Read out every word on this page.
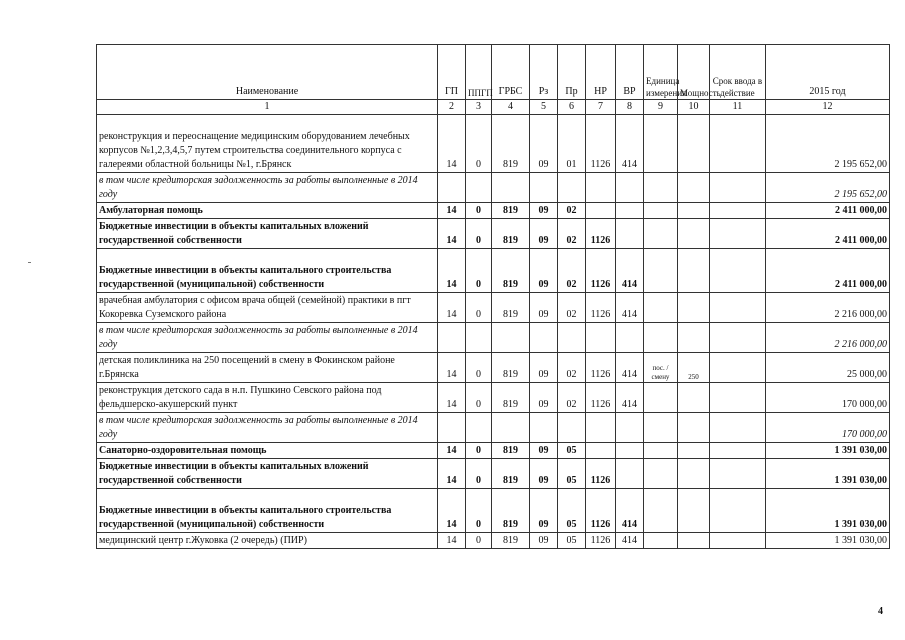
Наименование	ГП	ППГП	ГРБС	Рз	Пр	НР	ВР	Единица измерения	Мощность	Срок ввода в действие	2015 год
1	2	3	4	5	6	7	8	9	10	11	12
реконструкция и переоснащение медицинским оборудованием лечебных корпусов №1,2,3,4,5,7 путем строительства соединительного корпуса с галереями областной больницы №1, г.Брянск	14	0	819	09	01	1126	414				2 195 652,00
в том числе кредиторская задолженность за работы выполненные в 2014 году											2 195 652,00
Амбулаторная помощь	14	0	819	09	02						2 411 000,00
Бюджетные инвестиции в объекты капитальных вложений государственной собственности	14	0	819	09	02	1126					2 411 000,00
Бюджетные инвестиции в объекты капитального строительства государственной (муниципальной) собственности	14	0	819	09	02	1126	414				2 411 000,00
врачебная амбулатория с офисом врача общей (семейной) практики в пгт Кокоревка Суземского района	14	0	819	09	02	1126	414				2 216 000,00
в том числе кредиторская задолженность за работы выполненные в 2014 году											2 216 000,00
детская поликлиника на 250 посещений в смену в Фокинском районе г.Брянска	14	0	819	09	02	1126	414	пос. / смену	250		25 000,00
реконструкция детского сада в н.п. Пушкино Севского района под фельдшерско-акушерский пункт	14	0	819	09	02	1126	414				170 000,00
в том числе кредиторская задолженность за работы выполненные в 2014 году											170 000,00
Санаторно-оздоровительная помощь	14	0	819	09	05						1 391 030,00
Бюджетные инвестиции в объекты капитальных вложений государственной собственности	14	0	819	09	05	1126					1 391 030,00
Бюджетные инвестиции в объекты капитального строительства государственной (муниципальной) собственности	14	0	819	09	05	1126	414				1 391 030,00
медицинский центр г.Жуковка (2 очередь) (ПИР)	14	0	819	09	05	1126	414				1 391 030,00
4
